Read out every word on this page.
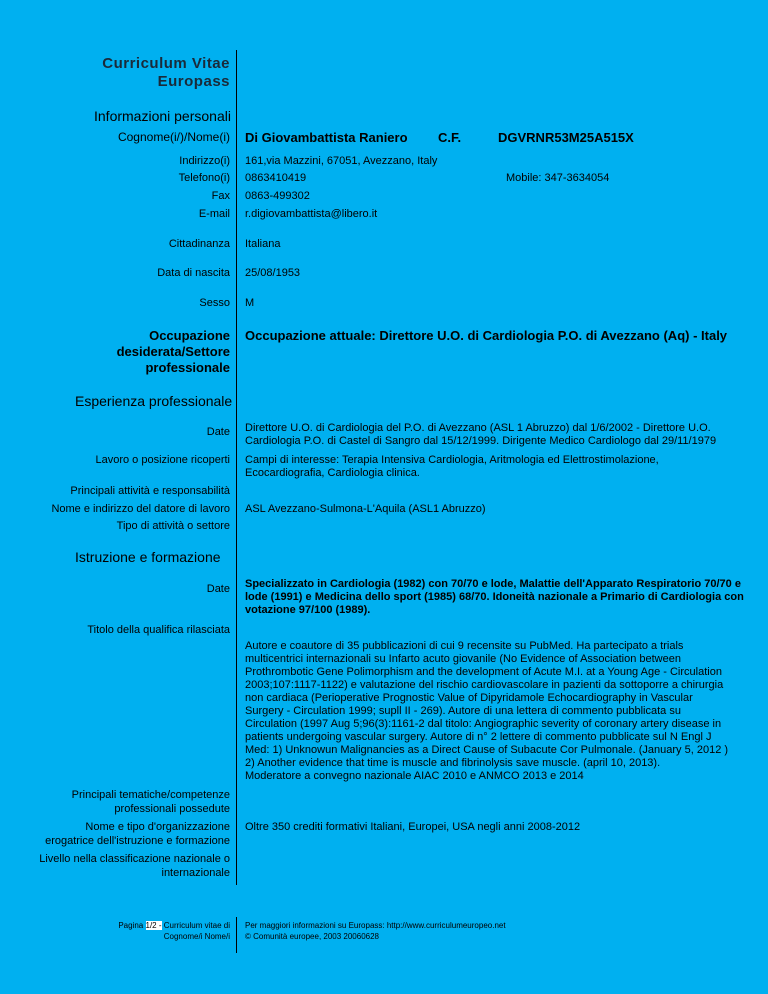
Curriculum Vitae
Europass
Informazioni personali
Cognome(i/)/Nome(i) Di Giovambattista Raniero C.F.	DGVRNR53M25A515X
Indirizzo(i) 161,via Mazzini, 67051, Avezzano, Italy
Telefono(i) 0863410419	Mobile: 347-3634054
Fax 0863-499302
E-mail r.digiovambattista@libero.it
Cittadinanza Italiana
Data di nascita 25/08/1953
Sesso M
Occupazione
desiderata/Settore
professionale
Occupazione attuale: Direttore U.O. di Cardiologia P.O. di Avezzano (Aq) - Italy
Esperienza professionale
Date Direttore U.O. di Cardiologia del P.O. di Avezzano (ASL 1 Abruzzo) dal 1/6/2002 - Direttore U.O. Cardiologia P.O. di Castel di Sangro dal 15/12/1999. Dirigente Medico Cardiologo dal 29/11/1979
Lavoro o posizione ricoperti Campi di interesse: Terapia Intensiva Cardiologia, Aritmologia ed Elettrostimolazione, Ecocardiografia, Cardiologia clinica.
Principali attività e responsabilità
Nome e indirizzo del datore di lavoro ASL Avezzano-Sulmona-L'Aquila (ASL1 Abruzzo)
Tipo di attività o settore
Istruzione e formazione
Date Specializzato in Cardiologia (1982) con 70/70 e lode, Malattie dell'Apparato Respiratorio 70/70 e lode (1991) e Medicina dello sport (1985) 68/70. Idoneità nazionale a Primario di Cardiologia con votazione 97/100 (1989).
Titolo della qualifica rilasciata
Autore e coautore di 35 pubblicazioni di cui 9 recensite su PubMed. Ha partecipato a trials multicentrici internazionali su Infarto acuto giovanile (No Evidence of Association between Prothrombotic Gene Polimorphism and the development of Acute M.I. at a Young Age - Circulation 2003;107:1117-1122) e valutazione del rischio cardiovascolare in pazienti da sottoporre a chirurgia non cardiaca (Perioperative Prognostic Value of Dipyridamole Echocardiography in Vascular Surgery - Circulation 1999; supll II - 269). Autore di una lettera di commento pubblicata su Circulation (1997 Aug 5;96(3):1161-2 dal titolo: Angiographic severity of coronary artery disease in patients undergoing vascular surgery. Autore di n° 2 lettere di commento pubblicate sul N Engl J Med: 1) Unknowun Malignancies as a Direct Cause of Subacute Cor Pulmonale. (January 5, 2012 ) 2) Another evidence that time is muscle and fibrinolysis save muscle. (april 10, 2013).
Moderatore a convegno nazionale AIAC 2010 e ANMCO 2013 e 2014
Principali tematiche/competenze
professionali possedute
Nome e tipo d'organizzazione
erogatrice dell'istruzione e formazione
Oltre 350 crediti formativi Italiani, Europei, USA negli anni 2008-2012
Livello nella classificazione nazionale o
internazionale
Pagina 1/2 - Curriculum vitae di
Cognome/i Nome/i
Per maggiori informazioni su Europass: http://www.curriculumeuropeo.net
© Comunità europee, 2003 20060628
